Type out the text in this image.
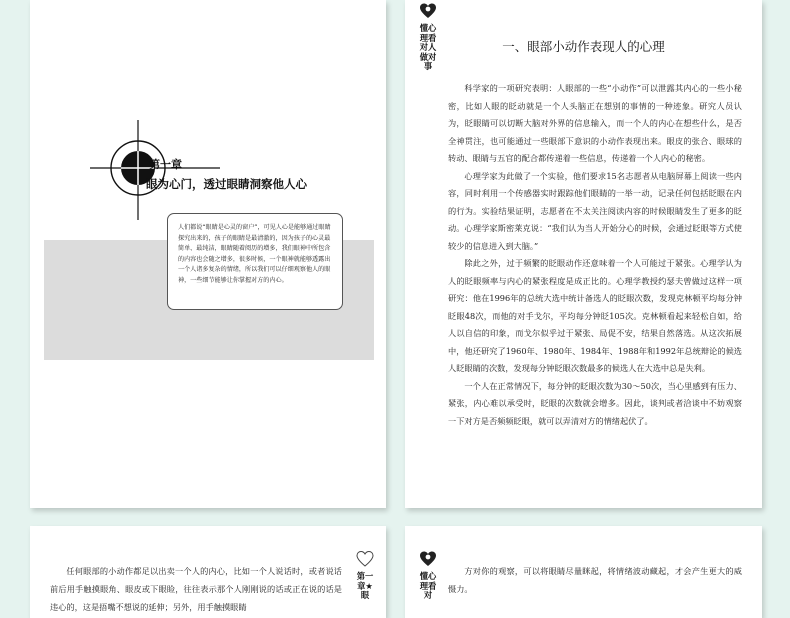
第一章
眼为心门，透过眼睛洞察他人心
人们都说“眼睛是心灵的窗户”，可见人心是能够通过眼睛探究出来的，孩子的眼睛是最清澈的，因为孩子的心灵最简单、最纯洁，眼睛随着阅历的增多，我们眼神中所包含的内容也会随之增多，很多时候，一个眼神就能够透露出一个人诸多复杂的情绪，所以我们可以仔细观察他人的眼神，一些细节能够让你掌握对方的内心。
懂心理看对人做对事
一、眼部小动作表现人的心理

科学家的一项研究表明：人眼部的一些“小动作”可以泄露其内心的一些小秘密，比如人眼的眨动就是一个人头脑正在想别的事情的一种迹象。研究人员认为，眨眼睛可以切断大脑对外界的信息输入，而一个人的内心在想些什么，是否全神贯注，也可能通过一些眼部下意识的小动作表现出来。眼皮的张合、眼球的转动、眼睛与五官的配合都传递着一些信息，传递着一个人内心的秘密。

心理学家为此做了一个实验，他们要求15名志愿者从电脑屏幕上阅读一些内容，同时利用一个传感器实时跟踪他们眼睛的一举一动，记录任何包括眨眼在内的行为。实验结果证明，志愿者在不太关注阅读内容的时候眼睛发生了更多的眨动。心理学家斯密莱克说：“我们认为当人开始分心的时候，会通过眨眼等方式使较少的信息进入到大脑。”

除此之外，过于频繁的眨眼动作还意味着一个人可能过于紧张。心理学认为人的眨眼频率与内心的紧张程度是成正比的。心理学教授约瑟夫曾做过这样一项研究：他在1996年的总统大选中统计备选人的眨眼次数，发现克林顿平均每分钟眨眼48次，而他的对手戈尔，平均每分钟眨105次。克林顿看起来轻松自如，给人以自信的印象，而戈尔似乎过于紧张、局促不安，结果自然落选。从这次拓展中，他还研究了1960年、1980年、1984年、1988年和1992年总统辩论的候选人眨眼睛的次数，发现每分钟眨眼次数最多的候选人在大选中总是失利。

一个人在正常情况下，每分钟的眨眼次数为30～50次，当心里感到有压力、紧张，内心难以承受时，眨眼的次数就会增多。因此，谈判或者洽谈中不妨观察一下对方是否频频眨眼，就可以弄清对方的情绪起伏了。

任何眼部的小动作都足以出卖一个人的内心，比如一个人说话时，或者说话前后用手触摸眼角、眼皮或下眼睑，往往表示那个人刚刚说的话或正在说的话是违心的，这是捂嘴不想说的延伸；另外，用手触摸眼睛

第一章★眼
懂心理看对

方对你的观察，可以将眼睛尽量眯起，将情绪波动藏起，才会产生更大的威慑力。
